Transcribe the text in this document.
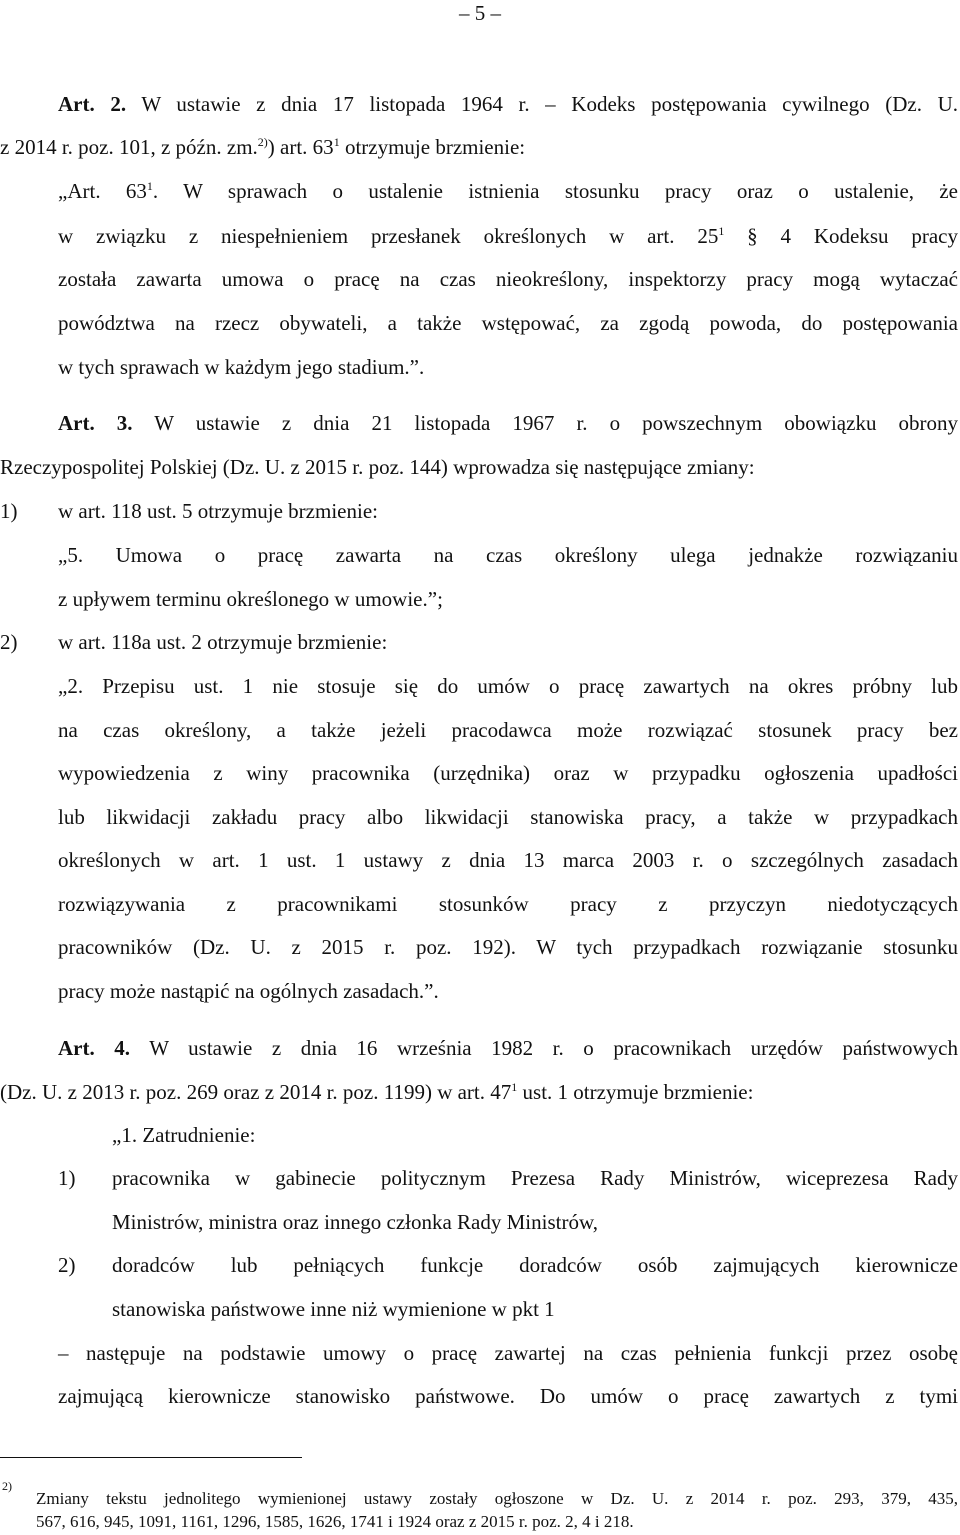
– 5 –
Art. 2. W ustawie z dnia 17 listopada 1964 r. – Kodeks postępowania cywilnego (Dz. U.
z 2014 r. poz. 101, z późn. zm.$^{2)}$) art. $63^1$ otrzymuje brzmienie:
„Art. $63^1$. W sprawach o ustalenie istnienia stosunku pracy oraz o ustalenie, że
w związku z niespełnieniem przesłanek określonych w art. $25^1$ § 4 Kodeksu pracy
została zawarta umowa o pracę na czas nieokreślony, inspektorzy pracy mogą wytaczać
powództwa na rzecz obywateli, a także wstępować, za zgodą powoda, do postępowania
w tych sprawach w każdym jego stadium.”.
Art. 3. W ustawie z dnia 21 listopada 1967 r. o powszechnym obowiązku obrony
Rzeczypospolitej Polskiej (Dz. U. z 2015 r. poz. 144) wprowadza się następujące zmiany:
1) w art. 118 ust. 5 otrzymuje brzmienie:
„5. Umowa o pracę zawarta na czas określony ulega jednakże rozwiązaniu
z upływem terminu określonego w umowie.”;
2) w art. 118a ust. 2 otrzymuje brzmienie:
„2. Przepisu ust. 1 nie stosuje się do umów o pracę zawartych na okres próbny lub
na czas określony, a także jeżeli pracodawca może rozwiązać stosunek pracy bez
wypowiedzenia z winy pracownika (urzędnika) oraz w przypadku ogłoszenia upadłości
lub likwidacji zakładu pracy albo likwidacji stanowiska pracy, a także w przypadkach
określonych w art. 1 ust. 1 ustawy z dnia 13 marca 2003 r. o szczególnych zasadach
rozwiązywania z pracownikami stosunków pracy z przyczyn niedotyczących
pracowników (Dz. U. z 2015 r. poz. 192). W tych przypadkach rozwiązanie stosunku
pracy może nastąpić na ogólnych zasadach.”.
Art. 4. W ustawie z dnia 16 września 1982 r. o pracownikach urzędów państwowych
(Dz. U. z 2013 r. poz. 269 oraz z 2014 r. poz. 1199) w art. $47^1$ ust. 1 otrzymuje brzmienie:
„1. Zatrudnienie:
1) pracownika w gabinecie politycznym Prezesa Rady Ministrów, wiceprezesa Rady
Ministrów, ministra oraz innego członka Rady Ministrów,
2) doradców lub pełniących funkcje doradców osób zajmujących kierownicze
stanowiska państwowe inne niż wymienione w pkt 1
– następuje na podstawie umowy o pracę zawartej na czas pełnienia funkcji przez osobę
zajmującą kierownicze stanowisko państwowe. Do umów o pracę zawartych z tymi
2)
Zmiany tekstu jednolitego wymienionej ustawy zostały ogłoszone w Dz. U. z 2014 r. poz. 293, 379, 435,
567, 616, 945, 1091, 1161, 1296, 1585, 1626, 1741 i 1924 oraz z 2015 r. poz. 2, 4 i 218.
